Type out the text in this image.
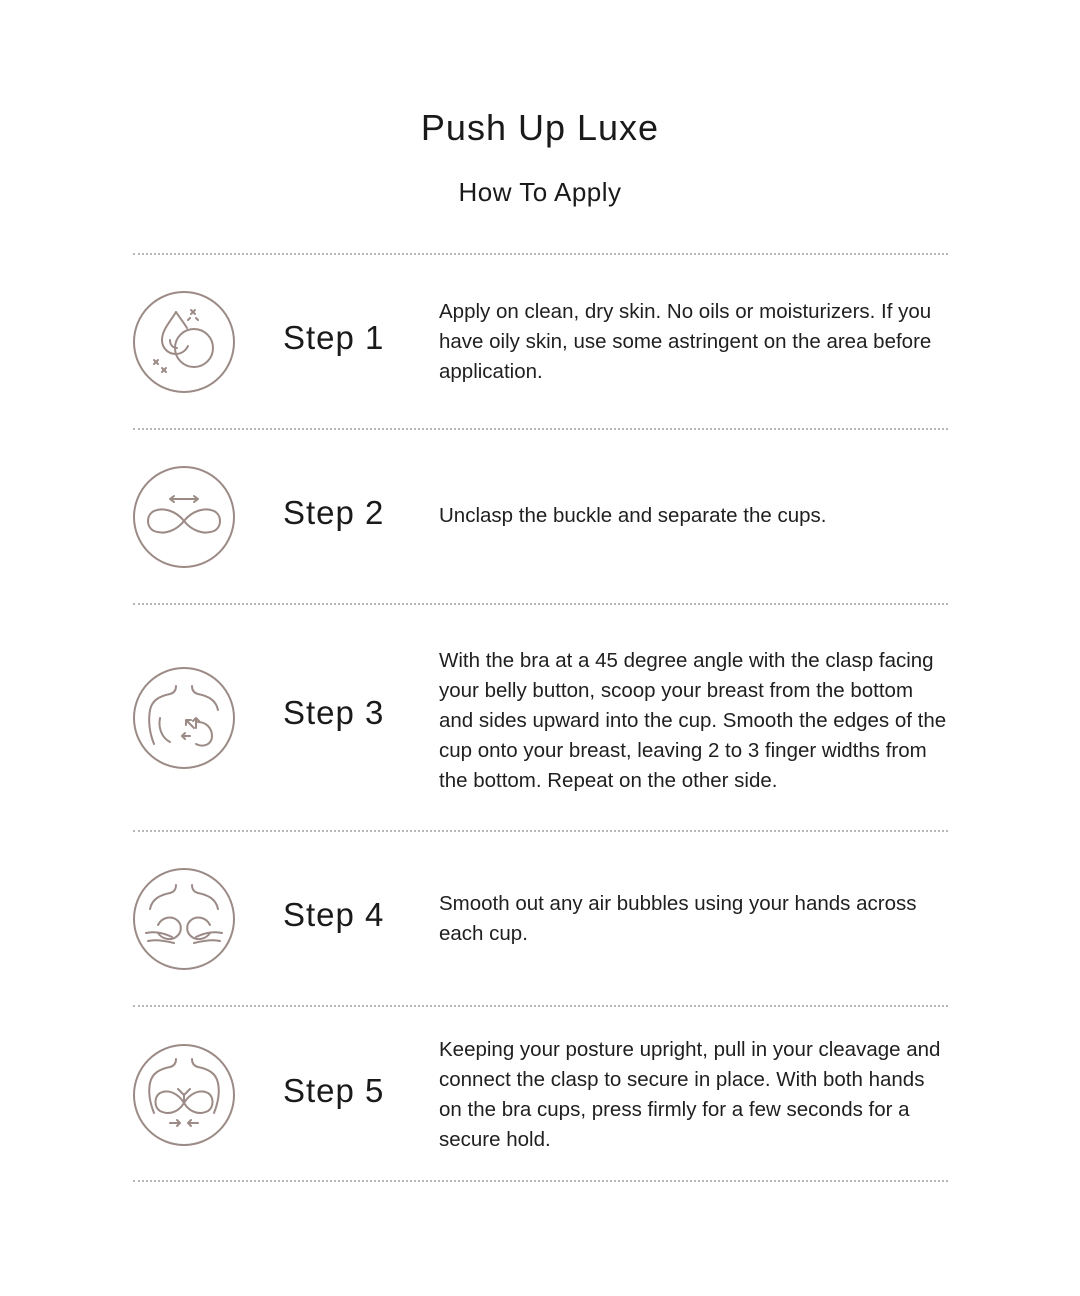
Push Up Luxe
How To Apply
Step 1
Apply on clean, dry skin. No oils or moisturizers. If you have oily skin, use some astringent on the area before application.
Step 2	Unclasp the buckle and separate the cups.
Step 3
With the bra at a 45 degree angle with the clasp facing your belly button, scoop your breast from the bottom and sides upward into the cup. Smooth the edges of the cup onto your breast, leaving 2 to 3 finger widths from the bottom. Repeat on the other side.
Step 4	Smooth out any air bubbles using your hands across each cup.
Step 5
Keeping your posture upright, pull in your cleavage and connect the clasp to secure in place. With both hands on the bra cups, press firmly for a few seconds for a secure hold.
